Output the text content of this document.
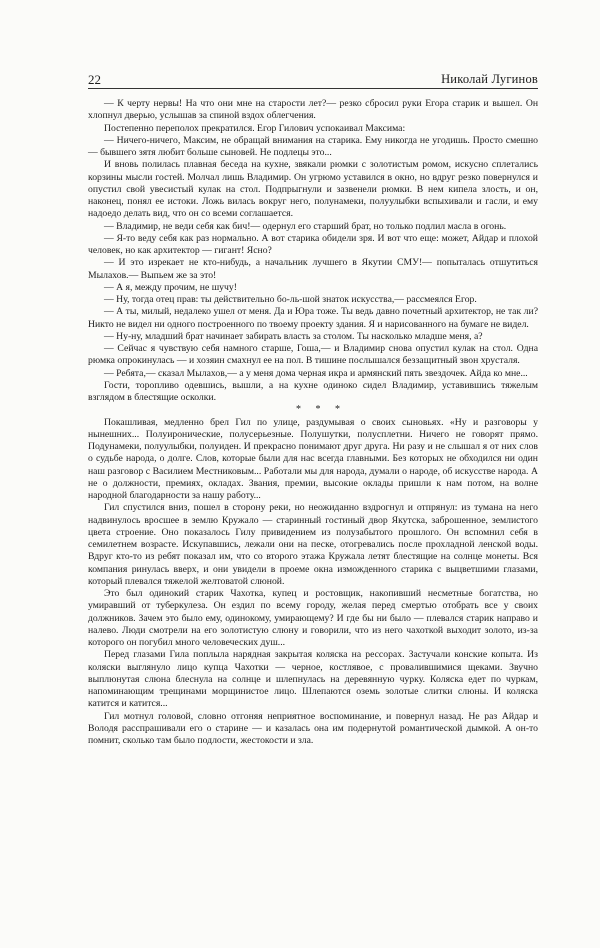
22	Николай Лугинов

— К черту нервы! На что они мне на старости лет?— резко сбросил руки Егора старик и вышел. Он хлопнул дверью, услышав за спиной вздох облегчения.

Постепенно переполох прекратился. Егор Гилович успокаивал Максима:

— Ничего-ничего, Максим, не обращай внимания на старика. Ему никогда не угодишь. Просто смешно — бывшего зятя любит больше сыновей. Не подлецы это...

И вновь полилась плавная беседа на кухне, звякали рюмки с золотистым ромом, искусно сплетались корзины мысли гостей. Молчал лишь Владимир. Он угрюмо уставился в окно, но вдруг резко повернулся и опустил свой увесистый кулак на стол. Подпрыгнули и зазвенели рюмки. В нем кипела злость, и он, наконец, понял ее истоки. Ложь вилась вокруг него, полунамеки, полуулыбки вспыхивали и гасли, и ему надоедо делать вид, что он со всеми соглашается.

— Владимир, не веди себя как бич!— одернул его старший брат, но только подлил масла в огонь.

— Я-то веду себя как раз нормально. А вот старика обидели зря. И вот что еще: может, Айдар и плохой человек, но как архитектор — гигант! Ясно?

— И это изрекает не кто-нибудь, а начальник лучшего в Якутии СМУ!— попыталась отшутиться Мылахов.— Выпьем же за это!

— А я, между прочим, не шучу!

— Ну, тогда отец прав: ты действительно бо-ль-шой знаток искусства,— рассмеялся Егор.

— А ты, милый, недалеко ушел от меня. Да и Юра тоже. Ты ведь давно почетный архитектор, не так ли? Никто не видел ни одного построенного по твоему проекту здания. Я и нарисованного на бумаге не видел.

— Ну-ну, младший брат начинает забирать власть за столом. Ты насколько младше меня, а?

— Сейчас я чувствую себя намного старше, Гоша,— и Владимир снова опустил кулак на стол. Одна рюмка опрокинулась — и хозяин смахнул ее на пол. В тишине послышался беззащитный звон хрусталя.

— Ребята,— сказал Мылахов,— а у меня дома черная икра и армянский пять звездочек. Айда ко мне...

Гости, торопливо одевшись, вышли, а на кухне одиноко сидел Владимир, уставившись тяжелым взглядом в блестящие осколки.

* * *

Покашливая, медленно брел Гил по улице, раздумывая о своих сыновьях. «Ну и разговоры у нынешних... Полуиронические, полусерьезные. Полушутки, полусплетни. Ничего не говорят прямо. Подунамеки, полуулыбки, полуиден. И прекрасно понимают друг друга. Ни разу и не слышал я от них слов о судьбе народа, о долге. Слов, которые были для нас всегда главными. Без которых не обходился ни один наш разговор с Василием Местниковым... Работали мы для народа, думали о народе, об искусстве народа. А не о должности, премиях, окладах. Звания, премии, высокие оклады пришли к нам потом, на волне народной благодарности за нашу работу...

Гил спустился вниз, пошел в сторону реки, но неожиданно вздрогнул и отпрянул: из тумана на него надвинулось вросшее в землю Кружало — старинный гостиный двор Якутска, заброшенное, землистого цвета строение. Оно показалось Гилу привидением из полузабытого прошлого. Он вспомнил себя в семилетнем возрасте. Искупавшись, лежали они на песке, отогревались после прохладной ленской воды. Вдруг кто-то из ребят показал им, что со второго этажа Кружала летят блестящие на солнце монеты. Вся компания ринулась вверх, и они увидели в проеме окна изможденного старика с выцветшими глазами, который плевался тяжелой желтоватой слюной.

Это был одинокий старик Чахотка, купец и ростовщик, накопивший несметные богатства, но умиравший от туберкулеза. Он ездил по всему городу, желая перед смертью отобрать все у своих должников. Зачем это было ему, одинокому, умирающему? И где бы ни было — плевался старик направо и налево. Люди смотрели на его золотистую слюну и говорили, что из него чахоткой выходит золото, из-за которого он погубил много человеческих душ...

Перед глазами Гила поплыла нарядная закрытая коляска на рессорах. Застучали конские копыта. Из коляски выглянуло лицо купца Чахотки — черное, костлявое, с провалившимися щеками. Звучно выплюнутая слюна блеснула на солнце и шлепнулась на деревянную чурку. Коляска едет по чуркам, напоминающим трещинами морщинистое лицо. Шлепаются оземь золотые слитки слюны. И коляска катится и катится...

Гил мотнул головой, словно отгоняя неприятное воспоминание, и повернул назад. Не раз Айдар и Володя расспрашивали его о старине — и казалась она им подернутой романтической дымкой. А он-то помнит, сколько там было подлости, жестокости и зла.
